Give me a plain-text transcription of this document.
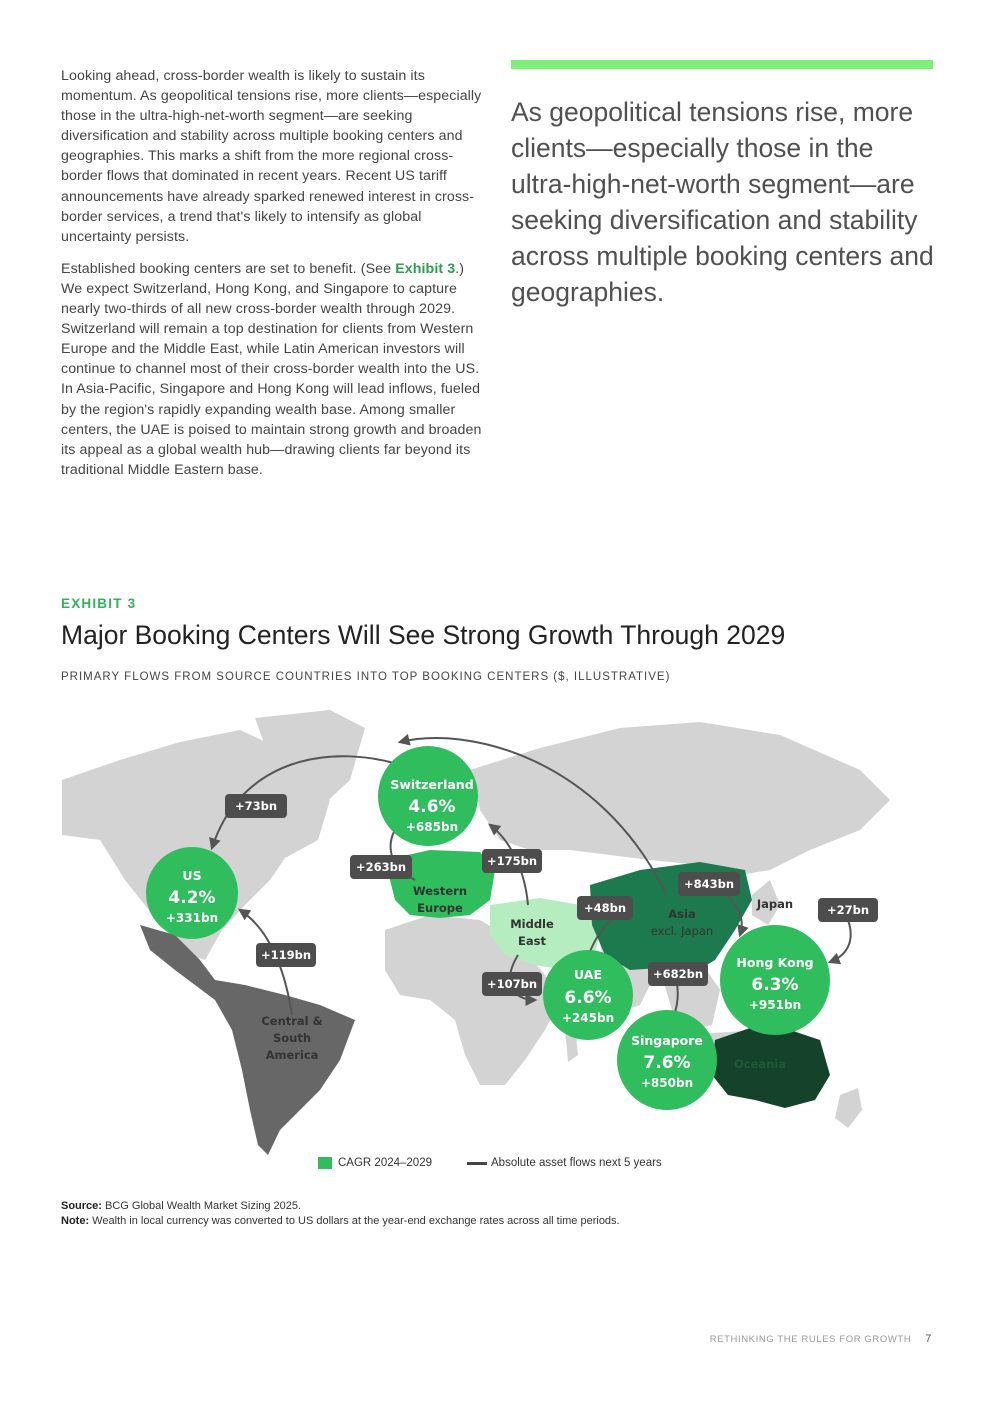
Looking ahead, cross-border wealth is likely to sustain its momentum. As geopolitical tensions rise, more clients—especially those in the ultra-high-net-worth segment—are seeking diversification and stability across multiple booking centers and geographies. This marks a shift from the more regional cross-border flows that dominated in recent years. Recent US tariff announcements have already sparked renewed interest in cross-border services, a trend that's likely to intensify as global uncertainty persists.

Established booking centers are set to benefit. (See Exhibit 3.) We expect Switzerland, Hong Kong, and Singapore to capture nearly two-thirds of all new cross-border wealth through 2029. Switzerland will remain a top destination for clients from Western Europe and the Middle East, while Latin American investors will continue to channel most of their cross-border wealth into the US. In Asia-Pacific, Singapore and Hong Kong will lead inflows, fueled by the region's rapidly expanding wealth base. Among smaller centers, the UAE is poised to maintain strong growth and broaden its appeal as a global wealth hub—drawing clients far beyond its traditional Middle Eastern base.

As geopolitical tensions rise, more clients—especially those in the ultra-high-net-worth segment—are seeking diversification and stability across multiple booking centers and geographies.
EXHIBIT 3
Major Booking Centers Will See Strong Growth Through 2029
PRIMARY FLOWS FROM SOURCE COUNTRIES INTO TOP BOOKING CENTERS ($, ILLUSTRATIVE)
Western
Europe
Middle
East
Asia
excl. Japan
Japan
Central &
South
America
Oceania
US
4.2%
+331bn
Switzerland
4.6%
+685bn
UAE
6.6%
+245bn
Hong Kong
6.3%
+951bn
Singapore
7.6%
+850bn
+73bn
+263bn	+175bn
+119bn
+107bn
+48bn
+843bn
+682bn
+27bn
CAGR 2024–2029	Absolute asset flows next 5 years
Source: BCG Global Wealth Market Sizing 2025.
Note: Wealth in local currency was converted to US dollars at the year-end exchange rates across all time periods.
RETHINKING THE RULES FOR GROWTH 7
